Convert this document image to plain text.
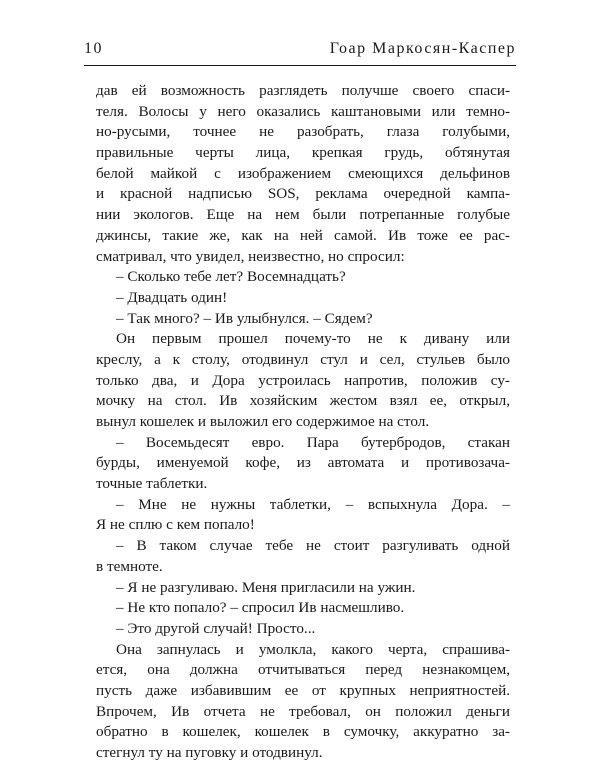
10	Гоар Маркосян-Каспер
дав ей возможность разглядеть получше своего спаси-
теля. Волосы у него оказались каштановыми или темно-
но-русыми, точнее не разобрать, глаза голубыми,
правильные черты лица, крепкая грудь, обтянутая
белой майкой с изображением смеющихся дельфинов
и красной надписью SOS, реклама очередной кампа-
нии экологов. Еще на нем были потрепанные голубые
джинсы, такие же, как на ней самой. Ив тоже ее рас-
сматривал, что увидел, неизвестно, но спросил:
– Сколько тебе лет? Восемнадцать?
– Двадцать один!
– Так много? – Ив улыбнулся. – Сядем?
Он первым прошел почему-то не к дивану или
креслу, а к столу, отодвинул стул и сел, стульев было
только два, и Дора устроилась напротив, положив су-
мочку на стол. Ив хозяйским жестом взял ее, открыл,
вынул кошелек и выложил его содержимое на стол.
– Восемьдесят евро. Пара бутербродов, стакан
бурды, именуемой кофе, из автомата и противозача-
точные таблетки.
– Мне не нужны таблетки, – вспыхнула Дора. –
Я не сплю с кем попало!
– В таком случае тебе не стоит разгуливать одной
в темноте.
– Я не разгуливаю. Меня пригласили на ужин.
– Не кто попало? – спросил Ив насмешливо.
– Это другой случай! Просто...
Она запнулась и умолкла, какого черта, спрашива-
ется, она должна отчитываться перед незнакомцем,
пусть даже избавившим ее от крупных неприятностей.
Впрочем, Ив отчета не требовал, он положил деньги
обратно в кошелек, кошелек в сумочку, аккуратно за-
стегнул ту на пуговку и отодвинул.
